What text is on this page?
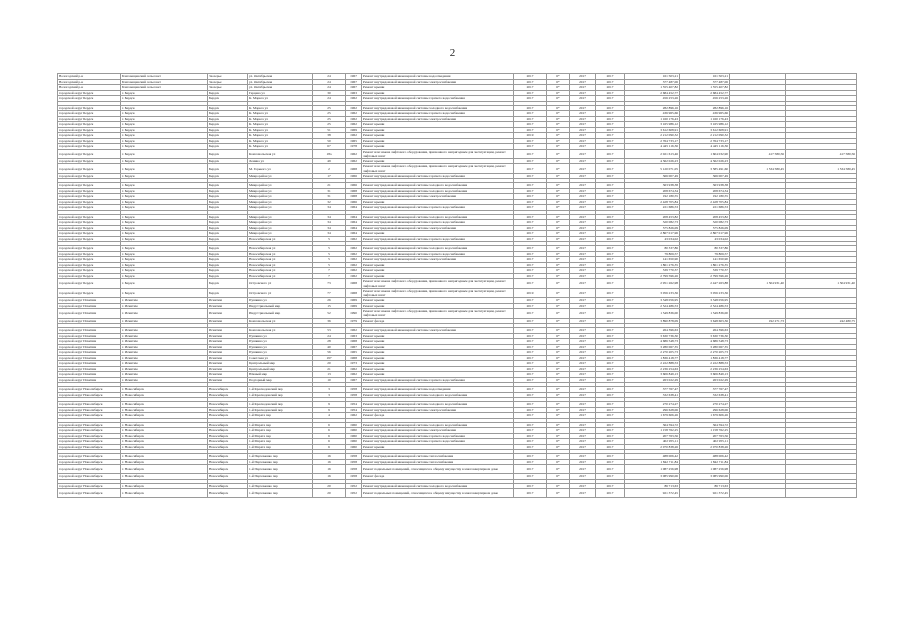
2
Вологодский р-н	Благовещенский сельсовет	Заозерье	ул. Октябрьская	24	1967	Ремонт внутридомовой инженерной системы водоотведения	2017	6*	2017	2017	161 503,21	161 503,21		
Вологодский р-н	Благовещенский сельсовет	Заозерье	ул. Октябрьская	24	1967	Ремонт внутридомовой инженерной системы электроснабжения	2017	6*	2017	2017	377 487,06	377 487,06		
Вологодский р-н	Благовещенский сельсовет	Заозерье	ул. Октябрьская	24	1967	Ремонт крыши	2017	6*	2017	2017	1 555 407,82	1 555 407,82		
городской округ Бердск	г. Бердск	Бердск	Герцена ул	30	1963	Ремонт крыши	2017	6*	2017	2017	2 684 452,77	2 684 452,77		
городской округ Бердск	г. Бердск	Бердск	К. Маркса ул	24	1962	Ремонт внутридомовой инженерной системы горячего водоснабжения	2017	6*	2017	2017	456 253,26	456 253,26		

городской округ Бердск	г. Бердск	Бердск	К. Маркса ул	25	1962	Ремонт внутридомовой инженерной системы холодного водоснабжения	2017	6*	2017	2017	282 896,16	282 896,16		
городской округ Бердск	г. Бердск	Бердск	К. Маркса ул	25	1962	Ремонт внутридомовой инженерной системы горячего водоснабжения	2017	6*	2017	2017	436 965,66	436 965,66		
городской округ Бердск	г. Бердск	Бердск	К. Маркса ул	25	1962	Ремонт внутридомовой инженерной системы электроснабжения	2017	6*	2017	2017	1 160 176,43	1 160 176,43		
городской округ Бердск	г. Бердск	Бердск	К. Маркса ул	25	1962	Ремонт крыши	2017	6*	2017	2017	3 165 986,12	3 165 986,12		
городской округ Бердск	г. Бердск	Бердск	К. Маркса ул	51	1969	Ремонт крыши	2017	6*	2017	2017	3 612 608,91	3 612 608,91		
городской округ Бердск	г. Бердск	Бердск	К. Маркса ул	38	1962	Ремонт крыши	2019	6*	2017	2017	2 212 090,32	2 212 090,32		
городской округ Бердск	г. Бердск	Бердск	К. Маркса ул	50	1965	Ремонт крыши	2017	6*	2017	2017	2 764 733,17	2 764 733,17		
городской округ Бердск	г. Бердск	Бердск	К. Маркса ул	67	1978	Ремонт крыши	2017	6*	2017	2017	4 445 116,36	4 445 116,36		
городской округ Бердск	г. Бердск	Бердск	Комсомольская ул	18а	1962	Ремонт или замена лифтового оборудования, признанного непригодным для эксплуатации, ремонт лифтовых шахт	2017	6*	2017	2017	2 021 613,46	1 604 032,90	417 580,56	417 580,56
городской округ Бердск	г. Бердск	Бердск	Ленина ул	49	1962	Ремонт крыши	2017	6*	2017	2017	4 362 026,23	4 362 026,23		
городской округ Бердск	г. Бердск	Бердск	М. Горького ул	2	1968	Ремонт или замена лифтового оборудования, признанного непригодным для эксплуатации, ремонт лифтовых шахт	2017	6*	2017	2017	5 120 071,05	3 585 491,60	1 534 580,45	1 534 580,45
городской округ Бердск	г. Бердск	Бердск	Микрорайон ул	17	1966	Ремонт внутридомовой инженерной системы горячего водоснабжения	2017	6*	2017	2017	366 007,49	366 007,49		

городской округ Бердск	г. Бердск	Бердск	Микрорайон ул	21	1966	Ремонт внутридомовой инженерной системы холодного водоснабжения	2017	6*	2017	2017	363 938,38	363 938,38		
городской округ Бердск	г. Бердск	Бердск	Микрорайон ул	31	1968	Ремонт внутридомовой инженерной системы холодного водоснабжения	2017	6*	2017	2017	208 674,34	208 674,34		
городской округ Бердск	г. Бердск	Бердск	Микрорайон ул	31	1968	Ремонт внутридомовой инженерной системы электроснабжения	2017	6*	2017	2017	192 180,55	192 180,55		
городской округ Бердск	г. Бердск	Бердск	Микрорайон ул	32	1966	Ремонт крыши	2017	6*	2017	2017	2 428 705,84	2 428 705,84		
городской округ Бердск	г. Бердск	Бердск	Микрорайон ул	34	1964	Ремонт внутридомовой инженерной системы горячего водоснабжения	2017	6*	2017	2017	221 686,53	221 686,53		

городской округ Бердск	г. Бердск	Бердск	Микрорайон ул	34	1964	Ремонт внутридомовой инженерной системы холодного водоснабжения	2017	6*	2017	2017	208 453,82	208 453,82		
городской округ Бердск	г. Бердск	Бердск	Микрорайон ул	34	1964	Ремонт внутридомовой инженерной системы горячего водоснабжения	2017	6*	2017	2017	320 082,73	320 082,73		
городской округ Бердск	г. Бердск	Бердск	Микрорайон ул	34	1964	Ремонт внутридомовой инженерной системы электроснабжения	2017	6*	2017	2017	575 826,09	575 826,09		
городской округ Бердск	г. Бердск	Бердск	Микрорайон ул	34	1964	Ремонт крыши	2017	6*	2017	2017	2 867 017,96	2 867 017,96		
городской округ Бердск	г. Бердск	Бердск	Новосибирская ул	5	1962	Ремонт внутридомовой инженерной системы горячего водоснабжения	2017	6*	2017	2017	43 034,02	43 034,02		

городской округ Бердск	г. Бердск	Бердск	Новосибирская ул	5	1962	Ремонт внутридомовой инженерной системы холодного водоснабжения	2017	6*	2017	2017	80 337,86	80 337,86		
городской округ Бердск	г. Бердск	Бердск	Новосибирская ул	5	1962	Ремонт внутридомовой инженерной системы горячего водоснабжения	2017	6*	2017	2017	79 806,57	79 806,57		
городской округ Бердск	г. Бердск	Бердск	Новосибирская ул	5	1962	Ремонт внутридомовой инженерной системы электроснабжения	2017	6*	2017	2017	141 650,90	141 650,90		
городской округ Бердск	г. Бердск	Бердск	Новосибирская ул	5	1962	Ремонт крыши	2017	6*	2017	2017	1 861 276,35	1 861 276,35		
городской округ Бердск	г. Бердск	Бердск	Новосибирская ул	7	1962	Ремонт крыши	2017	6*	2017	2017	539 770,37	539 770,37		
городской округ Бердск	г. Бердск	Бердск	Новосибирская ул	7	1962	Ремонт крыши	2017	6*	2017	2017	2 799 596,26	2 799 596,26		
городской округ Бердск	г. Бердск	Бердск	Островского ул	73	1968	Ремонт или замена лифтового оборудования, признанного непригодным для эксплуатации, ремонт лифтовых шахт	2017	6*	2017	2017	2 951 262,98	2 447 263,88	1 504 931,40	1 504 931,40
городской округ Бердск	г. Бердск	Бердск	Островского ул	77	1968	Ремонт или замена лифтового оборудования, признанного непригодным для эксплуатации, ремонт лифтовых шахт	2019	6*	2017	2017	3 056 233,36	3 056 233,36		
городской округ Искитим	г. Искитим	Искитим	Пушкина ул	26	1969	Ремонт крыши	2017	6*	2017	2017	3 348 056,95	3 348 056,95		
городской округ Искитим	г. Искитим	Искитим	Индустриальный мкр	15	1969	Ремонт крыши	2017	6*	2017	2017	2 524 486,53	2 524 486,53		
городской округ Искитим	г. Искитим	Искитим	Индустриальный мкр	52	1990	Ремонт или замена лифтового оборудования, признанного непригодным для эксплуатации, ремонт лифтовых шахт	2017	6*	2017	2017	1 549 836,00	1 549 836,00		
городской округ Искитим	г. Искитим	Искитим	Комсомольская ул	36	1979	Ремонт фасада	2017	6*	2017	2017	3 890 878,09	3 648 603,36	192 271,73	242 480,75

городской округ Искитим	г. Искитим	Искитим	Комсомольская ул	53	1962	Ремонт внутридомовой инженерной системы электроснабжения	2017	6*	2017	2017	264 396,63	264 396,63		
городской округ Искитим	г. Искитим	Искитим	Пушкина ул	24	1963	Ремонт крыши	2017	6*	2017	2017	3 630 736,30	3 630 736,30		
городской округ Искитим	г. Искитим	Искитим	Пушкина ул	28	1968	Ремонт крыши	2017	6*	2017	2017	4 686 548,73	4 686 548,73		
городской округ Искитим	г. Искитим	Искитим	Пушкина ул	40	1967	Ремонт крыши	2017	6*	2017	2017	3 280 067,35	3 280 067,35		
городской округ Искитим	г. Искитим	Искитим	Пушкина ул	56	1965	Ремонт крыши	2017	6*	2017	2017	2 270 205,73	2 270 205,73		
городской округ Искитим	г. Искитим	Искитим	Советская ул	197	1968	Ремонт крыши	2017	6*	2017	2017	1 836 418,77	1 836 418,77		
городской округ Искитим	г. Искитим	Искитим	Центральный мкр	20	1973	Ремонт крыши	2017	6*	2017	2017	2 222 888,53	2 222 888,53		
городской округ Искитим	г. Искитим	Искитим	Центральный мкр	21	1962	Ремонт крыши	2017	6*	2017	2017	2 236 254,63	2 236 254,63		
городской округ Искитим	г. Искитим	Искитим	Южный мкр	13	1962	Ремонт крыши	2017	6*	2017	2017	3 606 849,13	3 606 849,13		
городской округ Искитим	г. Искитим	Искитим	Подгорный мкр	10	1967	Ремонт внутридомовой инженерной системы горячего водоснабжения	2017	6*	2017	2017	263 022,29	263 022,29		

городской округ Новосибирск	г. Новосибирск	Новосибирск	1-й Краснодонский пер	3	1958	Ремонт внутридомовой инженерной системы водоотведения	2017	6*	2017	2017	377 767,47	377 767,47		
городской округ Новосибирск	г. Новосибирск	Новосибирск	1-й Краснодонский пер	3	1958	Ремонт внутридомовой инженерной системы холодного водоснабжения	2017	6*	2017	2017	332 638,41	332 638,41		

городской округ Новосибирск	г. Новосибирск	Новосибирск	1-й Краснодонский пер	9	1954	Ремонт внутридомовой инженерной системы холодного водоснабжения	2017	6*	2017	2017	270 274,27	270 274,27		
городской округ Новосибирск	г. Новосибирск	Новосибирск	1-й Краснодонский пер	9	1954	Ремонт внутридомовой инженерной системы электроснабжения	2017	6*	2017	2017	296 628,06	296 628,06		
городской округ Новосибирск	г. Новосибирск	Новосибирск	1-й Марата пер	4	1962	Ремонт фасада	2017	6*	2017	2017	1 679 606,26	1 679 606,26		

городской округ Новосибирск	г. Новосибирск	Новосибирск	1-й Марата пер	6	1960	Ремонт внутридомовой инженерной системы холодного водоснабжения	2017	6*	2017	2017	364 594,72	364 594,72		
городской округ Новосибирск	г. Новосибирск	Новосибирск	1-й Марата пер	6	1960	Ремонт внутридомовой инженерной системы электроснабжения	2017	6*	2017	2017	1 158 762,25	1 158 762,25		
городской округ Новосибирск	г. Новосибирск	Новосибирск	1-й Марата пер	6	1960	Ремонт внутридомовой инженерной системы горячего водоснабжения	2017	6*	2017	2017	207 763,56	207 763,56		
городской округ Новосибирск	г. Новосибирск	Новосибирск	1-й Марата пер	6	1960	Ремонт внутридомовой инженерной системы горячего водоснабжения	2017	6*	2017	2017	402 955,11	402 955,11		
городской округ Новосибирск	г. Новосибирск	Новосибирск	1-й Марата пер	6	1960	Ремонт крыши	2017	6*	2017	2017	2 070 838,26	2 070 838,26		

городской округ Новосибирск	г. Новосибирск	Новосибирск	1-й Пархоменко пер	16	1958	Ремонт внутридомовой инженерной системы теплоснабжения	2017	6*	2017	2017	488 006,42	488 006,42		
городской округ Новосибирск	г. Новосибирск	Новосибирск	1-й Пархоменко пер	16	1958	Ремонт внутридомовой инженерной системы теплоснабжения	2017	6*	2017	2017	1 842 711,84	1 842 711,84		
городской округ Новосибирск	г. Новосибирск	Новосибирск	1-й Пархоменко пер	16	1958	Ремонт подвальных помещений, относящихся к общему имуществу в многоквартирном доме	2017	6*	2017	2017	1 087 256,98	1 087 256,98		
городской округ Новосибирск	г. Новосибирск	Новосибирск	1-й Пархоменко пер	16	1958	Ремонт фасада	2017	6*	2017	2017	3 085 990,06	3 085 990,06		

городской округ Новосибирск	г. Новосибирск	Новосибирск	1-й Пархоменко пер	20	1952	Ремонт внутридомовой инженерной системы холодного водоснабжения	2017	6*	2017	2017	86 713,63	86 713,63		
городской округ Новосибирск	г. Новосибирск	Новосибирск	1-й Пархоменко пер	20	1952	Ремонт подвальных помещений, относящихся к общему имуществу в многоквартирном доме	2017	6*	2017	2017	921 372,45	921 372,45		
